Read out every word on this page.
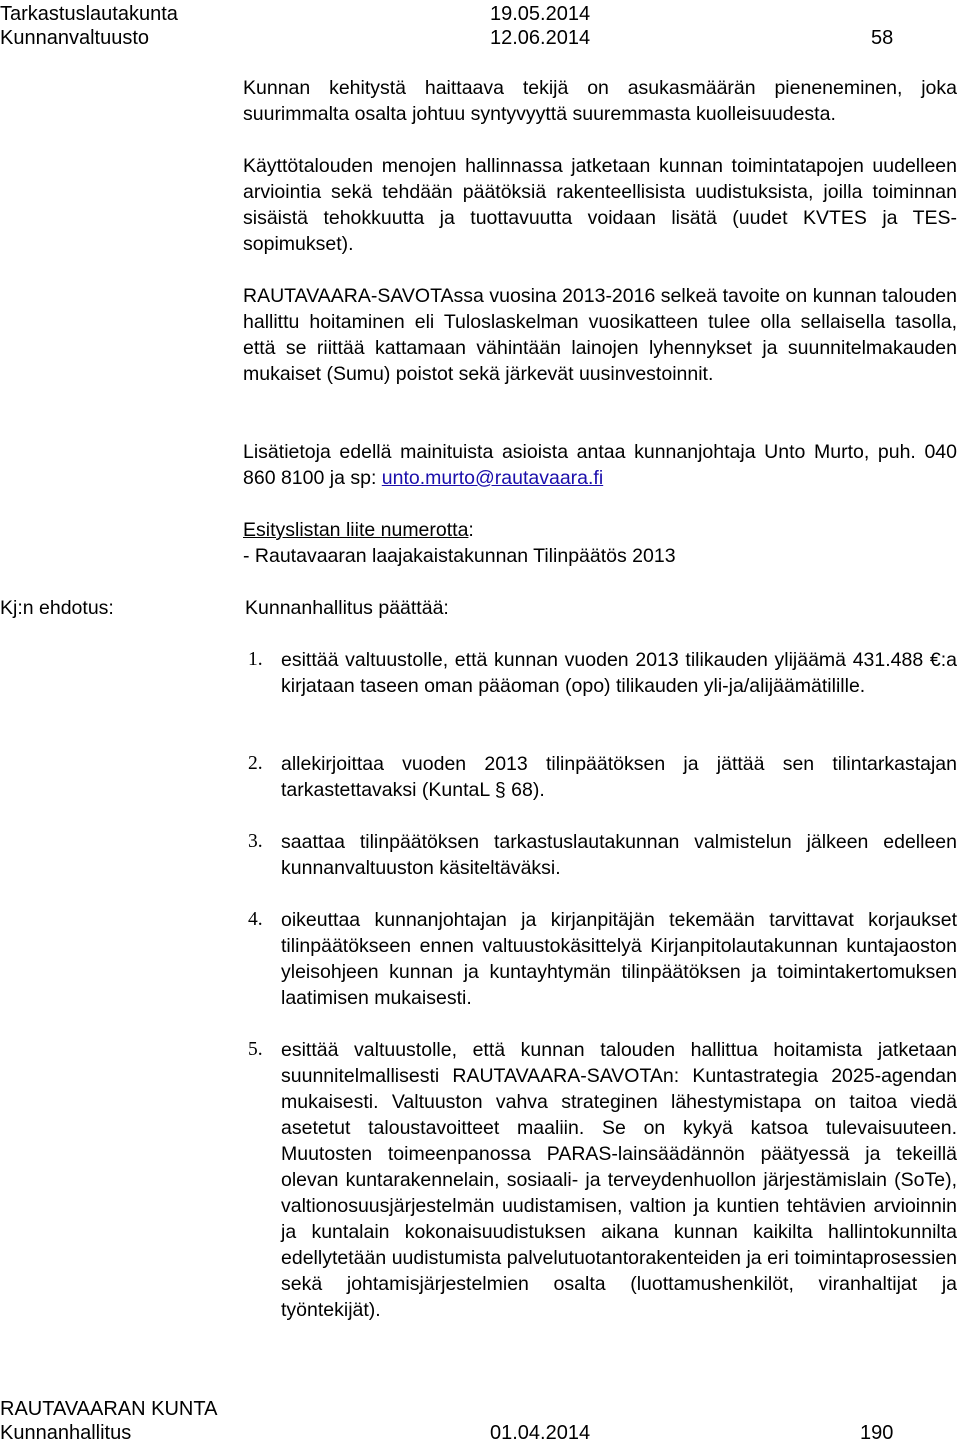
Tarkastuslautakunta	19.05.2014
Kunnanvaltuusto	12.06.2014	58
Kunnan kehitystä haittaava tekijä on asukasmäärän pieneneminen, joka suurimmalta osalta johtuu syntyvyyttä suuremmasta kuolleisuudesta.
Käyttötalouden menojen hallinnassa jatketaan kunnan toimintatapojen uudelleen arviointia sekä tehdään päätöksiä rakenteellisista uudistuksista, joilla toiminnan sisäistä tehokkuutta ja tuottavuutta voidaan lisätä (uudet KVTES ja TES-sopimukset).
RAUTAVAARA-SAVOTAssa vuosina 2013-2016 selkeä tavoite on kunnan talouden hallittu hoitaminen eli Tuloslaskelman vuosikatteen tulee olla sellaisella tasolla, että se riittää kattamaan vähintään lainojen lyhennykset ja suunnitelmakauden mukaiset (Sumu) poistot sekä järkevät uusinvestoinnit.
Lisätietoja edellä mainituista asioista antaa kunnanjohtaja Unto Murto, puh. 040 860 8100 ja sp: unto.murto@rautavaara.fi
Esityslistan liite numerotta:
- Rautavaaran laajakaistakunnan Tilinpäätös 2013
Kj:n ehdotus:	Kunnanhallitus päättää:
1. esittää valtuustolle, että kunnan vuoden 2013 tilikauden ylijäämä 431.488 €:a kirjataan taseen oman pääoman (opo) tilikauden yli-ja/alijäämätilille.
2. allekirjoittaa vuoden 2013 tilinpäätöksen ja jättää sen tilintarkastajan tarkastettavaksi (KuntaL § 68).
3. saattaa tilinpäätöksen tarkastuslautakunnan valmistelun jälkeen edelleen kunnanvaltuuston käsiteltäväksi.
4. oikeuttaa kunnanjohtajan ja kirjanpitäjän tekemään tarvittavat korjaukset tilinpäätökseen ennen valtuustokäsittelyä Kirjanpitolautakunnan kuntajaoston yleisohjeen kunnan ja kuntayhtymän tilinpäätöksen ja toimintakertomuksen laatimisen mukaisesti.
5. esittää valtuustolle, että kunnan talouden hallittua hoitamista jatketaan suunnitelmallisesti RAUTAVAARA-SAVOTAn: Kuntastrategia 2025-agendan mukaisesti. Valtuuston vahva strateginen lähestymistapa on taitoa viedä asetetut taloustavoitteet maaliin. Se on kykyä katsoa tulevaisuuteen. Muutosten toimeenpanossa PARAS-lainsäädännön päätyessä ja tekeillä olevan kuntarakennelain, sosiaali- ja terveydenhuollon järjestämislain (SoTe), valtionosuusjärjestelmän uudistamisen, valtion ja kuntien tehtävien arvioinnin ja kuntalain kokonaisuudistuksen aikana kunnan kaikilta hallintokunnilta edellytetään uudistumista palvelutuotantorakenteiden ja eri toimintaprosessien sekä johtamisjärjestelmien osalta (luottamushenkilöt, viranhaltijat ja työntekijät).
RAUTAVAARAN KUNTA
Kunnanhallitus	01.04.2014	190
